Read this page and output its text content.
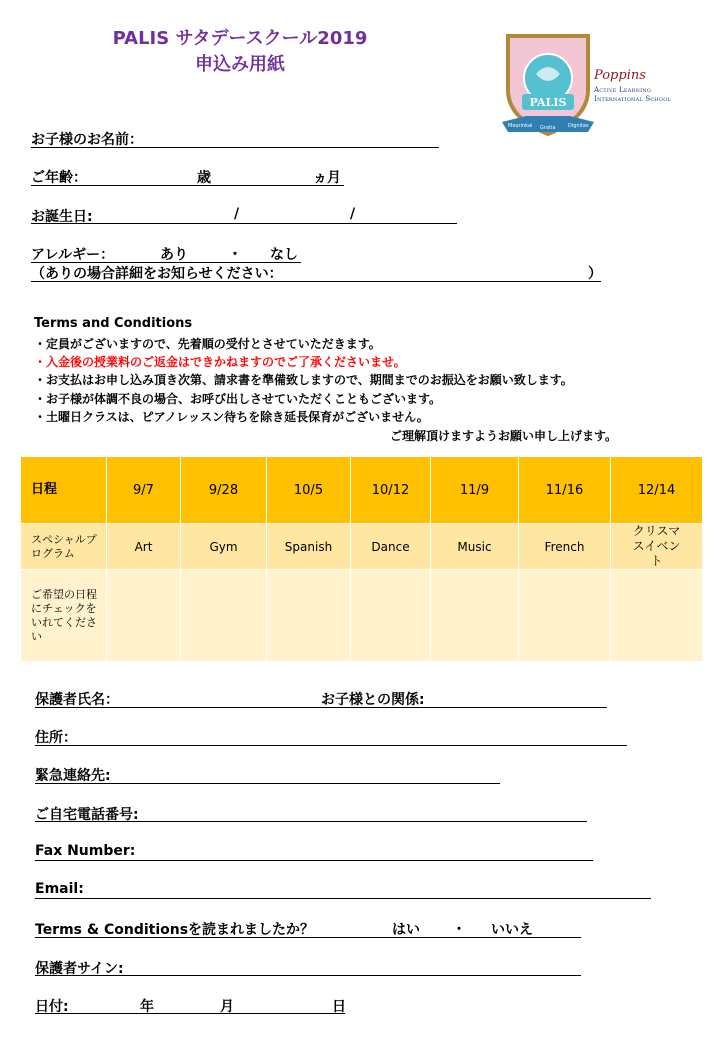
PALIS サタデースクール2019
申込み用紙
PALIS
Mourinkai Gratia	Dignitas
Poppins
Active Learning
International School
お子様のお名前：
ご年齢：	歳	ヵ月
お誕生日:	/	/
アレルギー：	あり	・ なし
（ありの場合詳細をお知らせください：	）
Terms and Conditions
・定員がございますので、先着順の受付とさせていただきます。
・入金後の授業料のご返金はできかねますのでご了承くださいませ。
・お支払はお申し込み頂き次第、請求書を準備致しますので、期間までのお振込をお願い致します。
・お子様が体調不良の場合、お呼び出しさせていただくこともございます。
・土曜日クラスは、ピアノレッスン待ちを除き延長保育がございません。
ご理解頂けますようお願い申し上げます。
日程	9/7	9/28	10/5	10/12	11/9	11/16	12/14
スペシャルプログラム	Art	Gym	Spanish	Dance	Music	French	クリスマスイベント
ご希望の日程にチェックをいれてください							
保護者氏名：	お子様との関係:
住所：
緊急連絡先:
ご自宅電話番号:
Fax Number:
Email:
Terms & Conditionsを読まれましたか？	はい ・ いいえ
保護者サイン:
日付:	年	月	日
